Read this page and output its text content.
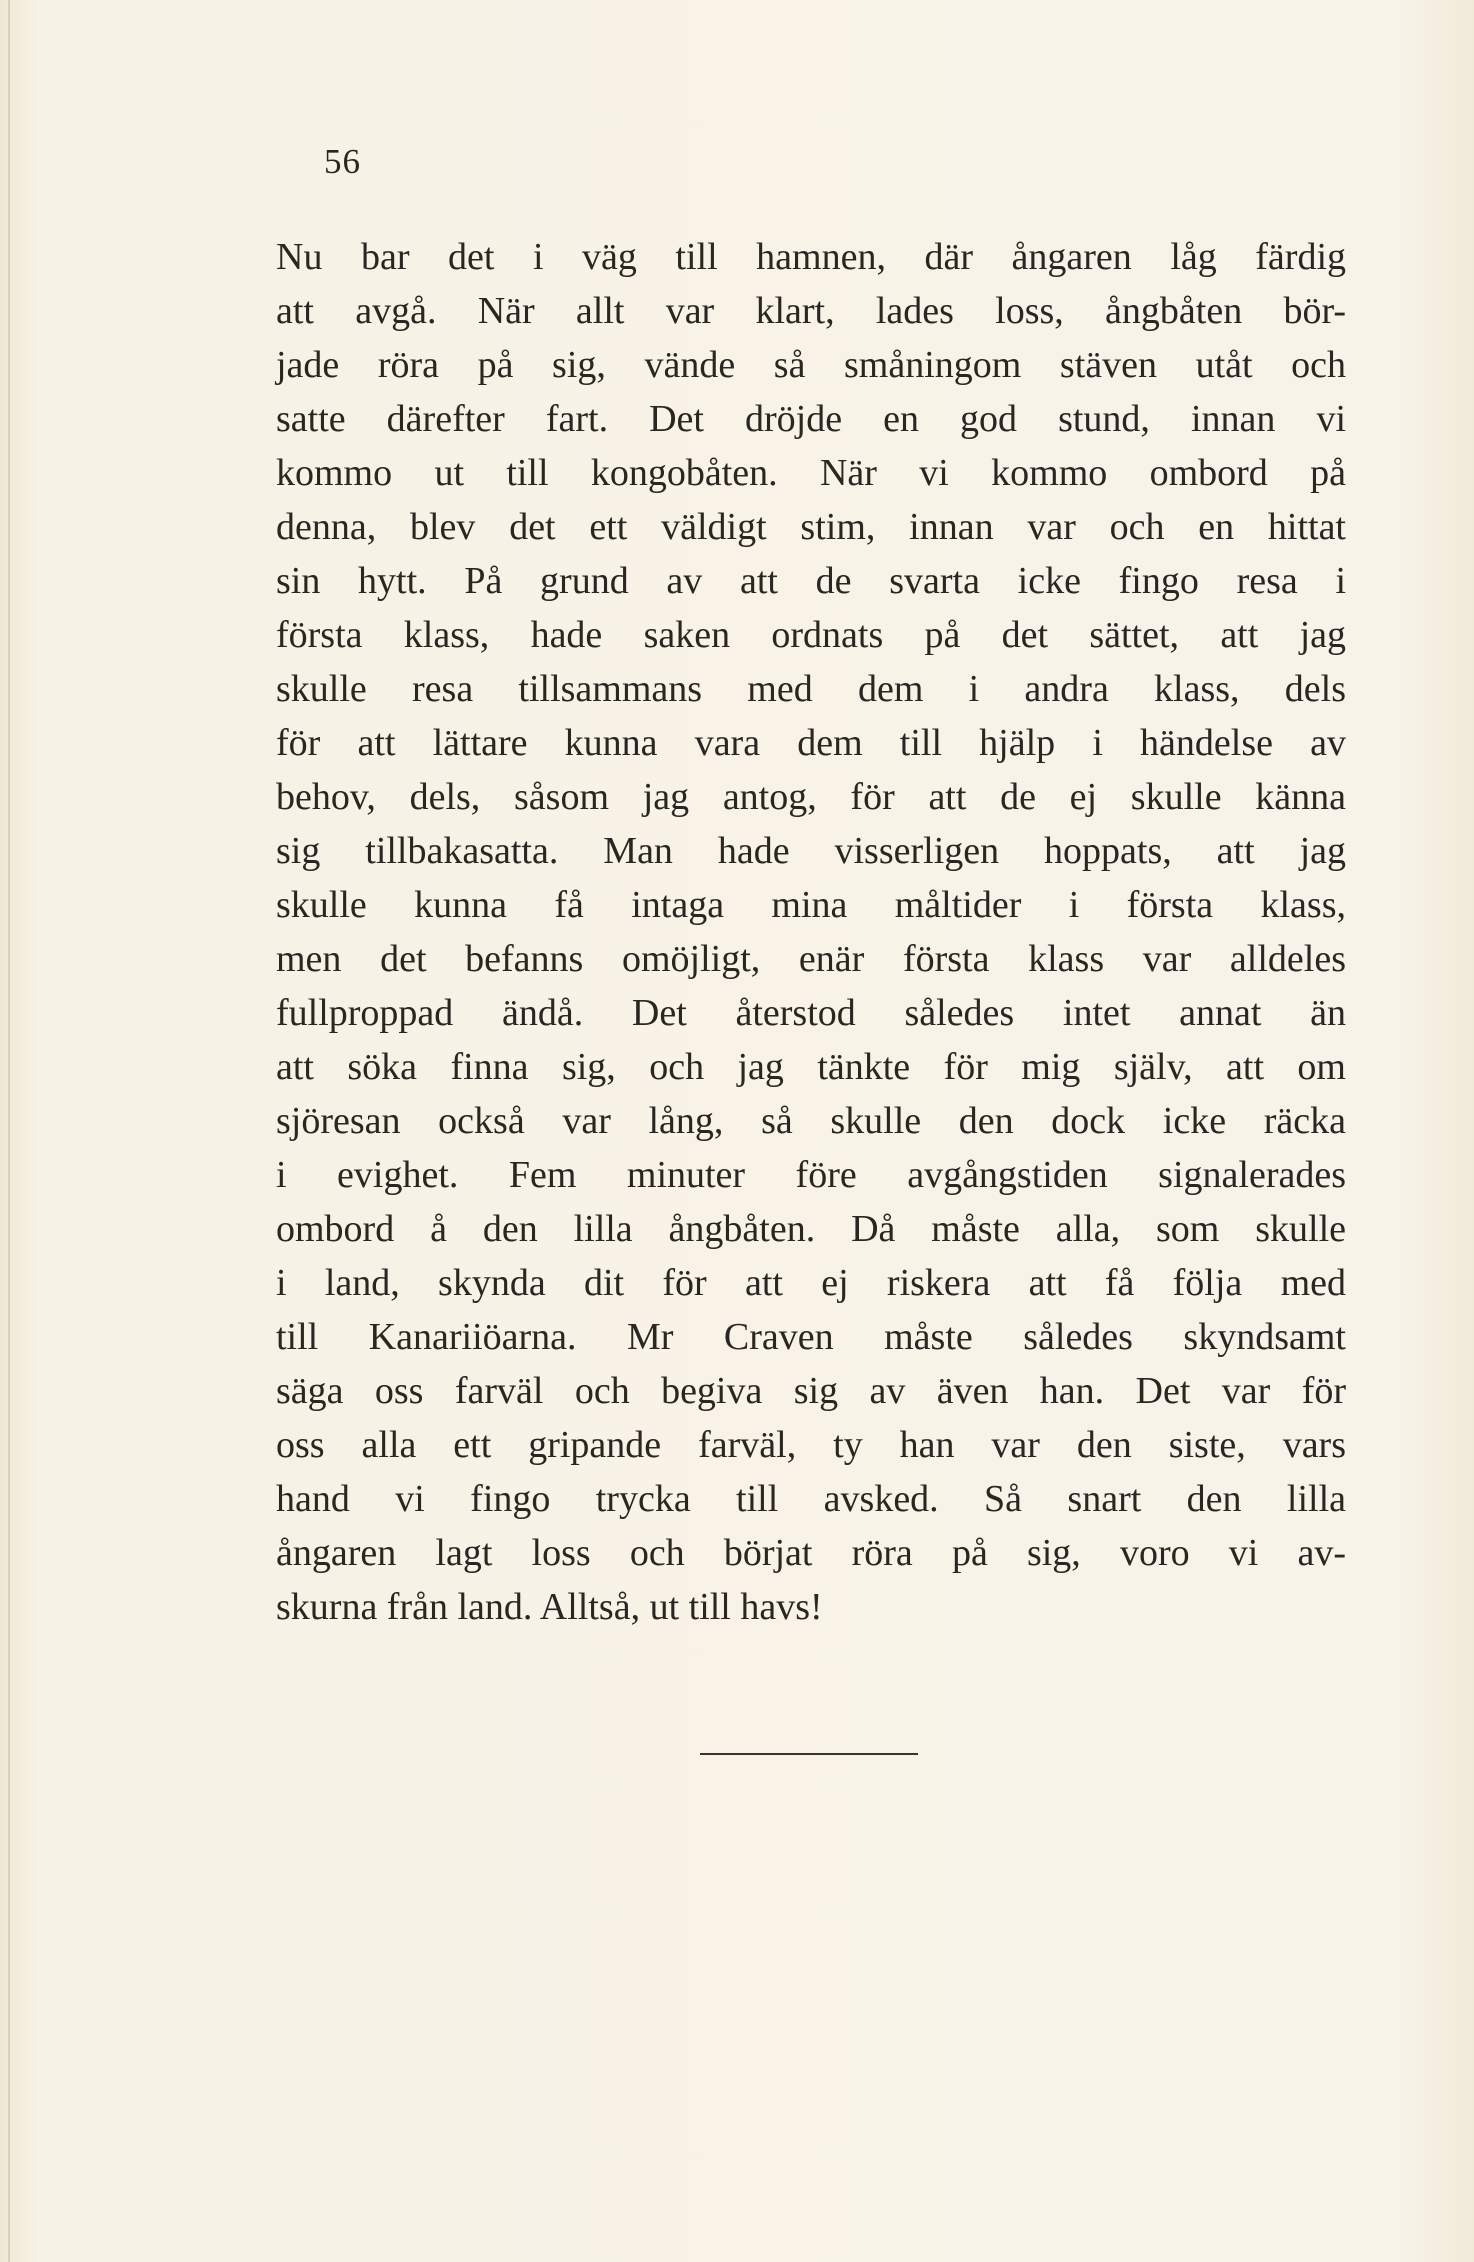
56
Nu bar det i väg till hamnen, där ångaren låg färdig
att avgå. När allt var klart, lades loss, ångbåten bör-
jade röra på sig, vände så småningom stäven utåt och
satte därefter fart. Det dröjde en god stund, innan vi
kommo ut till kongobåten. När vi kommo ombord på
denna, blev det ett väldigt stim, innan var och en hittat
sin hytt. På grund av att de svarta icke fingo resa i
första klass, hade saken ordnats på det sättet, att jag
skulle resa tillsammans med dem i andra klass, dels
för att lättare kunna vara dem till hjälp i händelse av
behov, dels, såsom jag antog, för att de ej skulle känna
sig tillbakasatta. Man hade visserligen hoppats, att jag
skulle kunna få intaga mina måltider i första klass,
men det befanns omöjligt, enär första klass var alldeles
fullproppad ändå. Det återstod således intet annat än
att söka finna sig, och jag tänkte för mig själv, att om
sjöresan också var lång, så skulle den dock icke räcka
i evighet. Fem minuter före avgångstiden signalerades
ombord å den lilla ångbåten. Då måste alla, som skulle
i land, skynda dit för att ej riskera att få följa med
till Kanariiöarna. Mr Craven måste således skyndsamt
säga oss farväl och begiva sig av även han. Det var för
oss alla ett gripande farväl, ty han var den siste, vars
hand vi fingo trycka till avsked. Så snart den lilla
ångaren lagt loss och börjat röra på sig, voro vi av-
skurna från land. Alltså, ut till havs!
